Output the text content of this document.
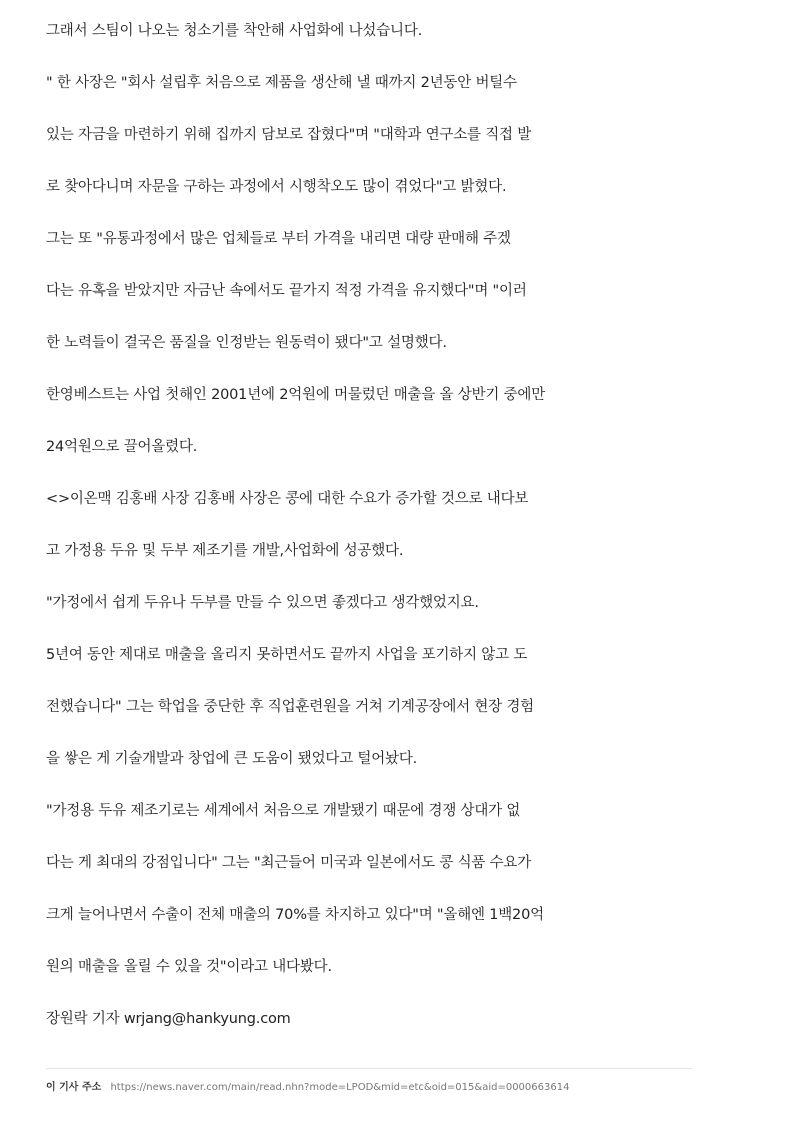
그래서 스팀이 나오는 청소기를 착안해 사업화에 나섰습니다.
" 한 사장은 "회사 설립후 처음으로 제품을 생산해 낼 때까지 2년동안 버틸수
있는 자금을 마련하기 위해 집까지 담보로 잡혔다"며 "대학과 연구소를 직접 발
로 찾아다니며 자문을 구하는 과정에서 시행착오도 많이 겪었다"고 밝혔다.
그는 또 "유통과정에서 많은 업체들로 부터 가격을 내리면 대량 판매해 주겠
다는 유혹을 받았지만 자금난 속에서도 끝가지 적정 가격을 유지했다"며 "이러
한 노력들이 결국은 품질을 인정받는 원동력이 됐다"고 설명했다.
한영베스트는 사업 첫해인 2001년에 2억원에 머물렀던 매출을 올 상반기 중에만
24억원으로 끌어올렸다.
<>이온맥 김홍배 사장 김홍배 사장은 콩에 대한 수요가 증가할 것으로 내다보
고 가정용 두유 및 두부 제조기를 개발,사업화에 성공했다.
"가정에서 쉽게 두유나 두부를 만들 수 있으면 좋겠다고 생각했었지요.
5년여 동안 제대로 매출을 올리지 못하면서도 끝까지 사업을 포기하지 않고 도
전했습니다" 그는 학업을 중단한 후 직업훈련원을 거쳐 기계공장에서 현장 경험
을 쌓은 게 기술개발과 창업에 큰 도움이 됐었다고 털어놨다.
"가정용 두유 제조기로는 세계에서 처음으로 개발됐기 때문에 경쟁 상대가 없
다는 게 최대의 강점입니다" 그는 "최근들어 미국과 일본에서도 콩 식품 수요가
크게 늘어나면서 수출이 전체 매출의 70%를 차지하고 있다"며 "올해엔 1백20억
원의 매출을 올릴 수 있을 것"이라고 내다봤다.
장원락 기자 wrjang@hankyung.com
이 기사 주소 https://news.naver.com/main/read.nhn?mode=LPOD&mid=etc&oid=015&aid=0000663614
